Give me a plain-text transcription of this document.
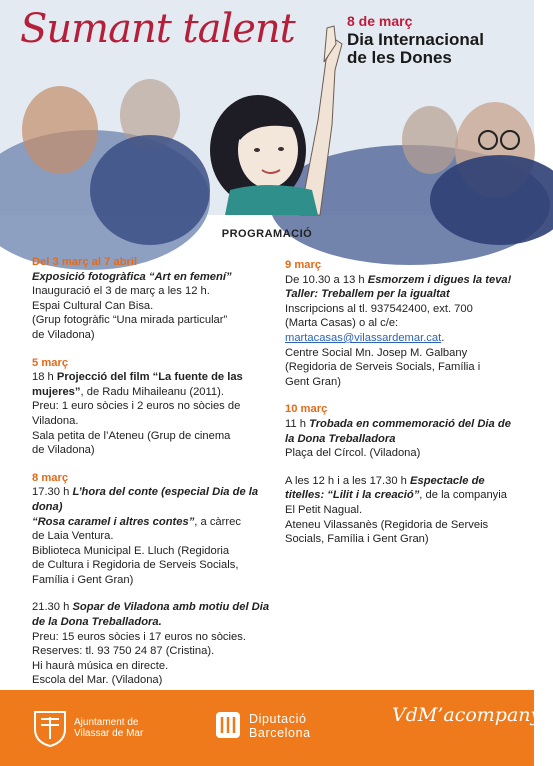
Sumant talent	8 de març
Dia Internacional
de les Dones
PROGRAMACIÓ
Del 3 març al 7 abril
Exposició fotogràfica “Art en femení”
Inauguració el 3 de març a les 12 h.
Espai Cultural Can Bisa.
(Grup fotogràfic “Una mirada particular”
de Viladona)
5 març
18 h Projecció del film “La fuente de las mujeres”, de Radu Mihaileanu (2011).
Preu: 1 euro sòcies i 2 euros no sòcies de
Viladona.
Sala petita de l’Ateneu (Grup de cinema
de Viladona)
8 març
17.30 h L’hora del conte (especial Dia de la dona)
“Rosa caramel i altres contes”, a càrrec
de Laia Ventura.
Biblioteca Municipal E. Lluch (Regidoria
de Cultura i Regidoria de Serveis Socials,
Família i Gent Gran)
21.30 h Sopar de Viladona amb motiu del Dia de la Dona Treballadora.
Preu: 15 euros sòcies i 17 euros no sòcies.
Reserves: tl. 93 750 24 87 (Cristina).
Hi haurà música en directe.
Escola del Mar. (Viladona)
9 març
De 10.30 a 13 h Esmorzem i digues la teva! Taller: Treballem per la igualtat
Inscripcions al tl. 937542400, ext. 700
(Marta Casas) o al c/e:
martacasas@vilassardemar.cat.
Centre Social Mn. Josep M. Galbany
(Regidoria de Serveis Socials, Família i
Gent Gran)
10 març
11 h Trobada en commemoració del Dia de la Dona Treballadora
Plaça del Círcol. (Viladona)
A les 12 h i a les 17.30 h Espectacle de titelles: “Lilit i la creació”, de la companyia El Petit Nagual.
Ateneu Vilassanès (Regidoria de Serveis
Socials, Família i Gent Gran)
Ajuntament de
Vilassar de Mar
Diputació
Barcelona
VdM’acompanya
